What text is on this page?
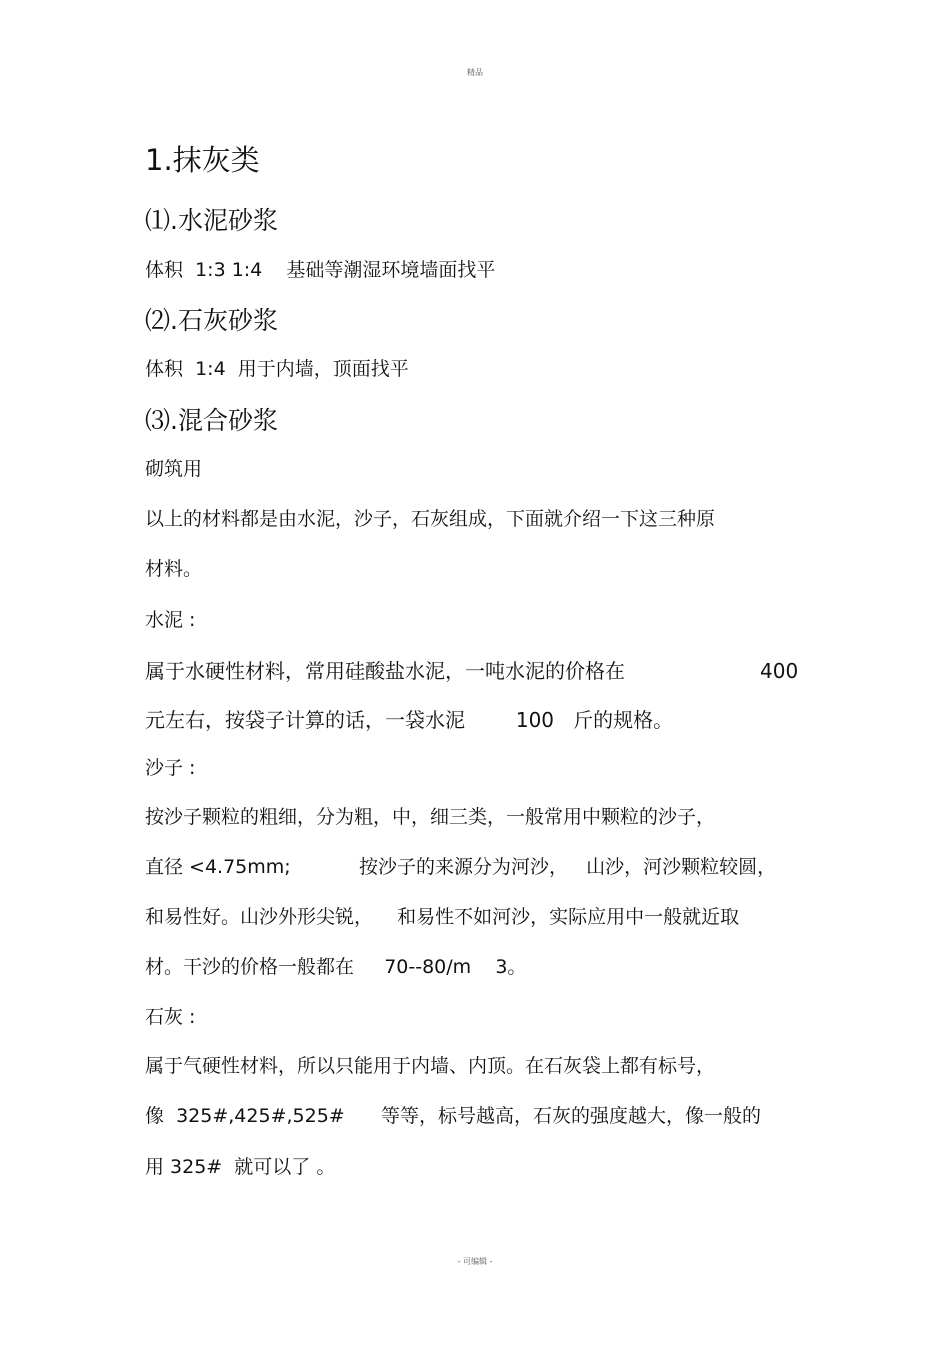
精品
1.抹灰类
⑴.水泥砂浆
体积  1:3 1:4    基础等潮湿环境墙面找平
⑵.石灰砂浆
体积  1:4  用于内墙，顶面找平
⑶.混合砂浆
砌筑用
以上的材料都是由水泥，沙子，石灰组成，下面就介绍一下这三种原
材料。
水泥 :
属于水硬性材料，常用硅酸盐水泥，一吨水泥的价格在	400
元左右，按袋子计算的话，一袋水泥        100   斤的规格。
沙子 :
按沙子颗粒的粗细，分为粗，中，细三类，一般常用中颗粒的沙子，
直径 <4.75mm;	按沙子的来源分为河沙，   山沙，河沙颗粒较圆，
和易性好。山沙外形尖锐，    和易性不如河沙，实际应用中一般就近取
材。干沙的价格一般都在     70--80/m    3。
石灰 :
属于气硬性材料，所以只能用于内墙、内顶。在石灰袋上都有标号，
像  325#,425#,525#      等等，标号越高，石灰的强度越大，像一般的
用 325#  就可以了 。
- 可编辑 -
